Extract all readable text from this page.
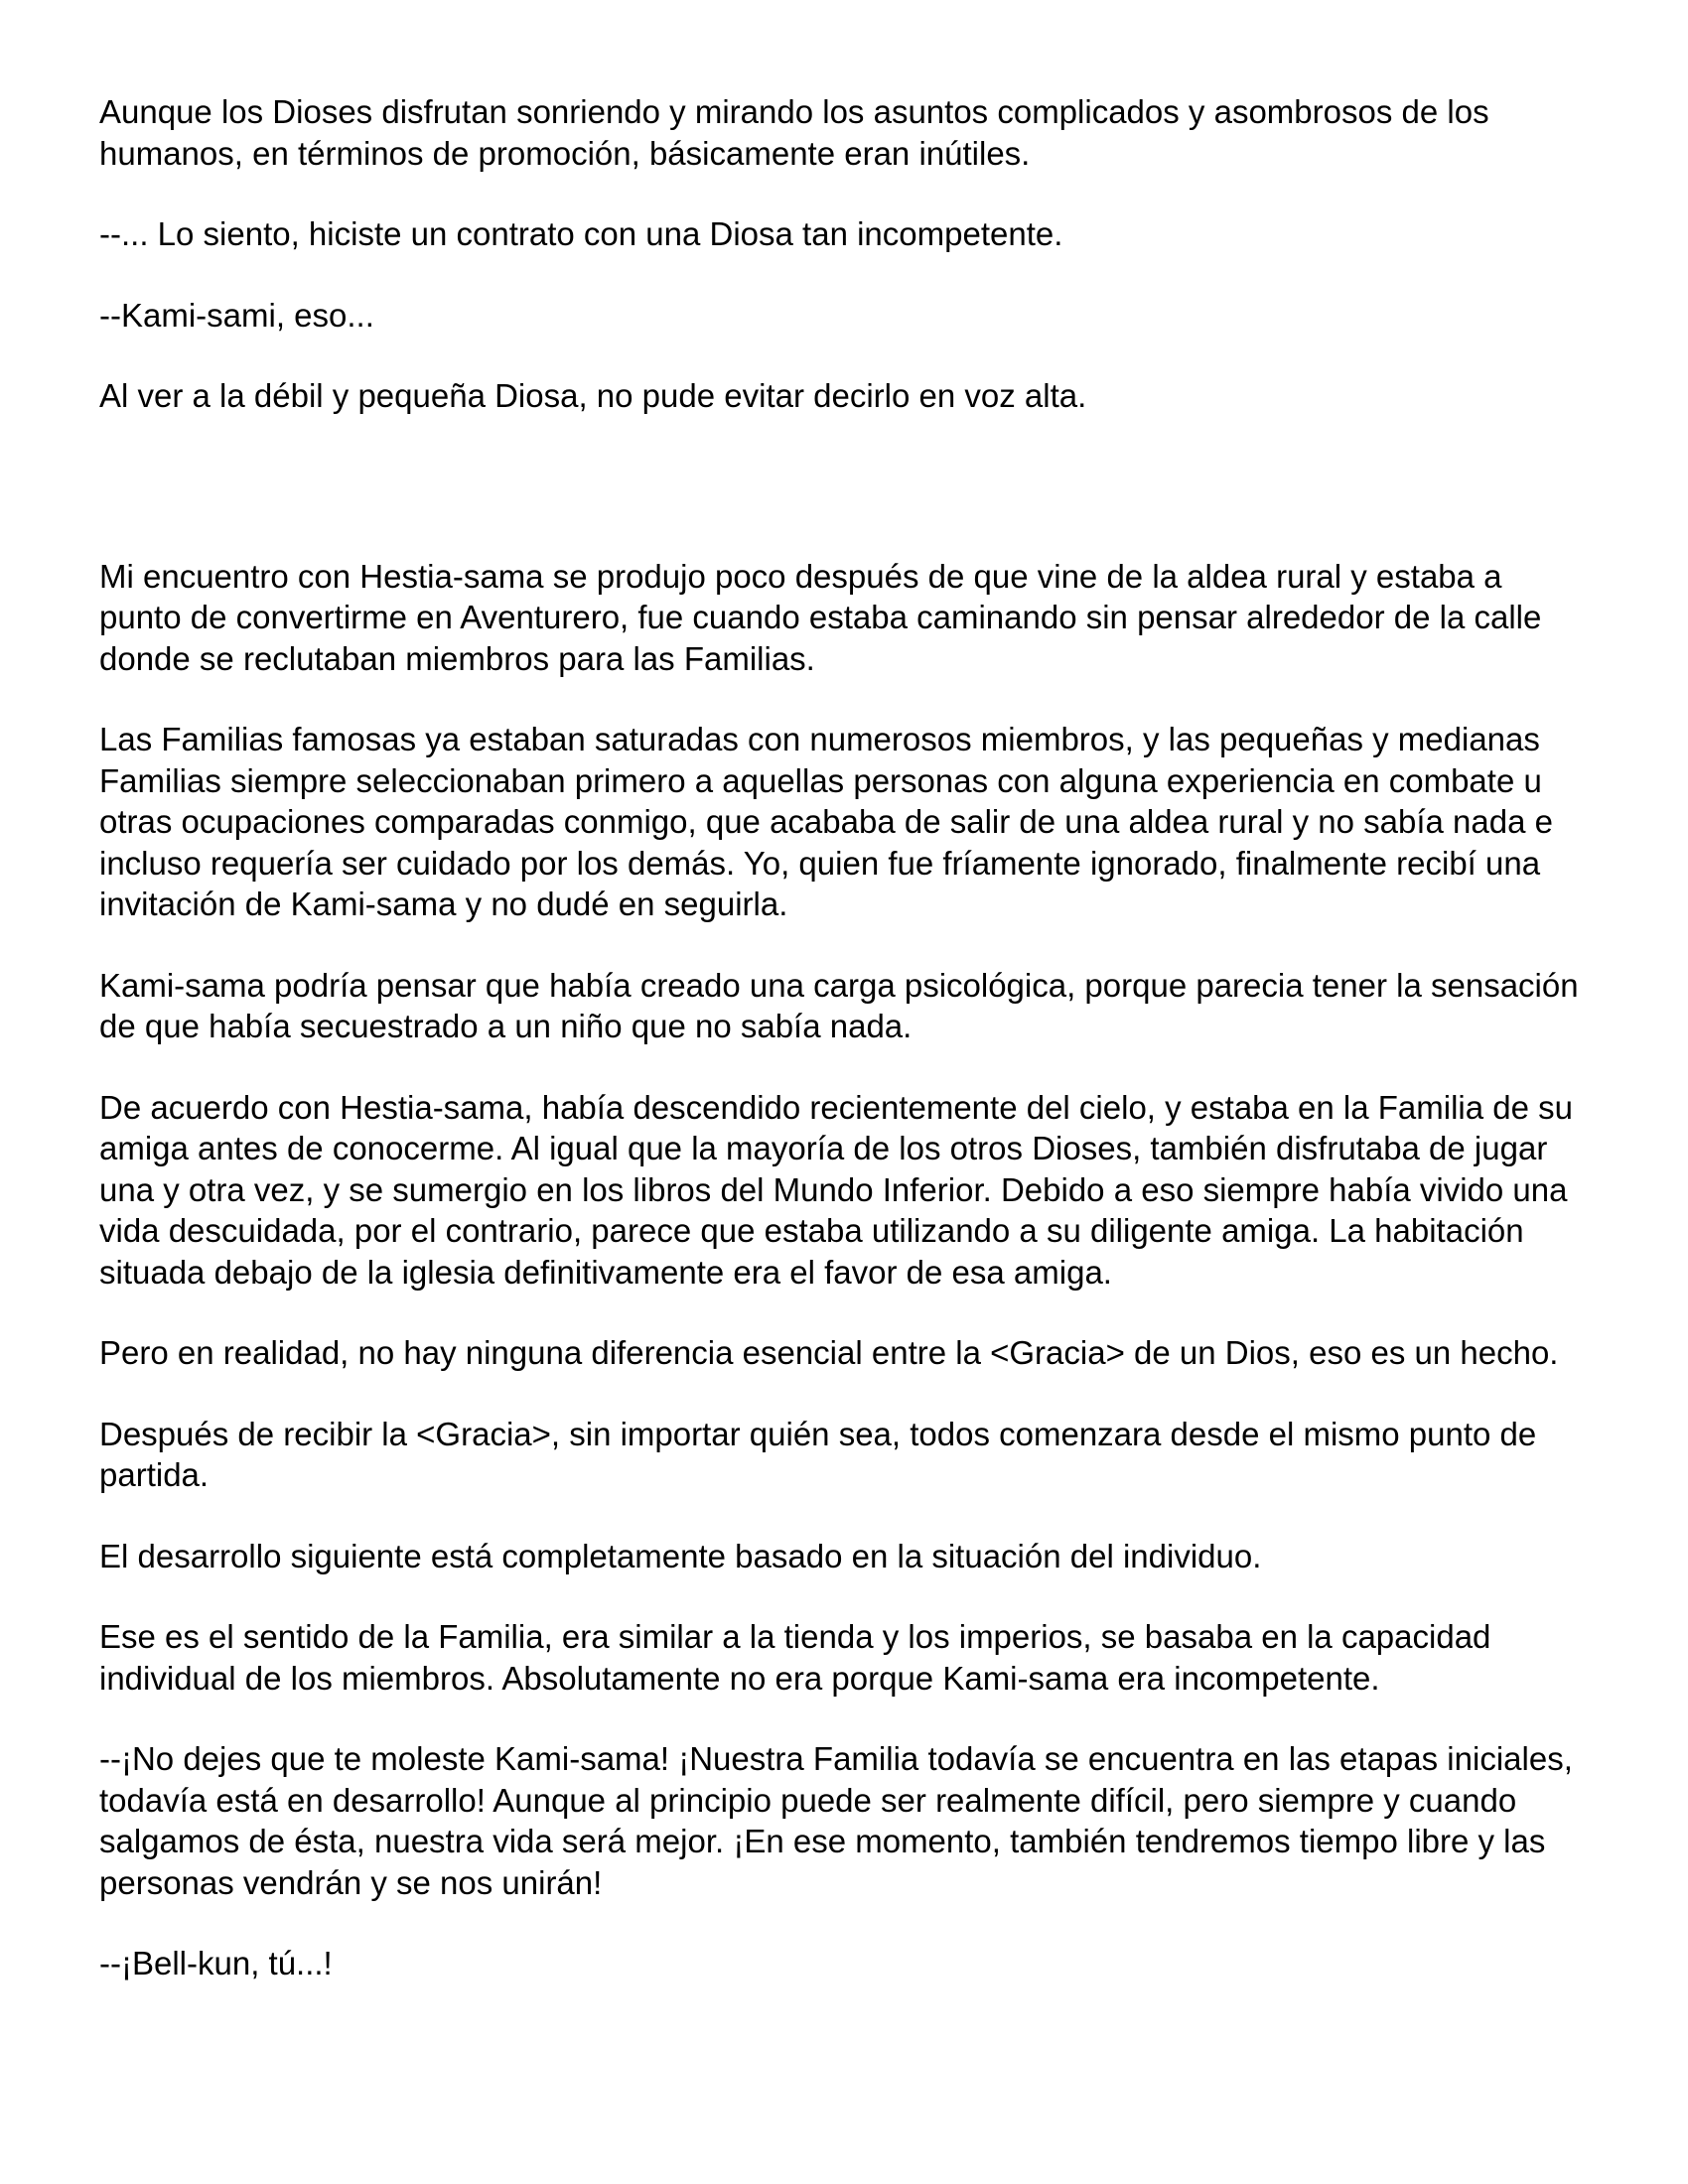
Aunque los Dioses disfrutan sonriendo y mirando los asuntos complicados y asombrosos de los humanos, en términos de promoción, básicamente eran inútiles.

--... Lo siento, hiciste un contrato con una Diosa tan incompetente.

--Kami-sami, eso...

Al ver a la débil y pequeña Diosa, no pude evitar decirlo en voz alta.

Mi encuentro con Hestia-sama se produjo poco después de que vine de la aldea rural y estaba a punto de convertirme en Aventurero, fue cuando estaba caminando sin pensar alrededor de la calle donde se reclutaban miembros para las Familias.

Las Familias famosas ya estaban saturadas con numerosos miembros, y las pequeñas y medianas Familias siempre seleccionaban primero a aquellas personas con alguna experiencia en combate u otras ocupaciones comparadas conmigo, que acababa de salir de una aldea rural y no sabía nada e incluso requería ser cuidado por los demás. Yo, quien fue fríamente ignorado, finalmente recibí una invitación de Kami-sama y no dudé en seguirla.

Kami-sama podría pensar que había creado una carga psicológica, porque parecia tener la sensación de que había secuestrado a un niño que no sabía nada.

De acuerdo con Hestia-sama, había descendido recientemente del cielo, y estaba en la Familia de su amiga antes de conocerme. Al igual que la mayoría de los otros Dioses, también disfrutaba de jugar una y otra vez, y se sumergio en los libros del Mundo Inferior. Debido a eso siempre había vivido una vida descuidada, por el contrario, parece que estaba utilizando a su diligente amiga. La habitación situada debajo de la iglesia definitivamente era el favor de esa amiga.

Pero en realidad, no hay ninguna diferencia esencial entre la <Gracia> de un Dios, eso es un hecho.

Después de recibir la <Gracia>, sin importar quién sea, todos comenzara desde el mismo punto de partida.

El desarrollo siguiente está completamente basado en la situación del individuo.

Ese es el sentido de la Familia, era similar a la tienda y los imperios, se basaba en la capacidad individual de los miembros. Absolutamente no era porque Kami-sama era incompetente.

--¡No dejes que te moleste Kami-sama! ¡Nuestra Familia todavía se encuentra en las etapas iniciales, todavía está en desarrollo! Aunque al principio puede ser realmente difícil, pero siempre y cuando salgamos de ésta, nuestra vida será mejor. ¡En ese momento, también tendremos tiempo libre y las personas vendrán y se nos unirán!

--¡Bell-kun, tú...!
